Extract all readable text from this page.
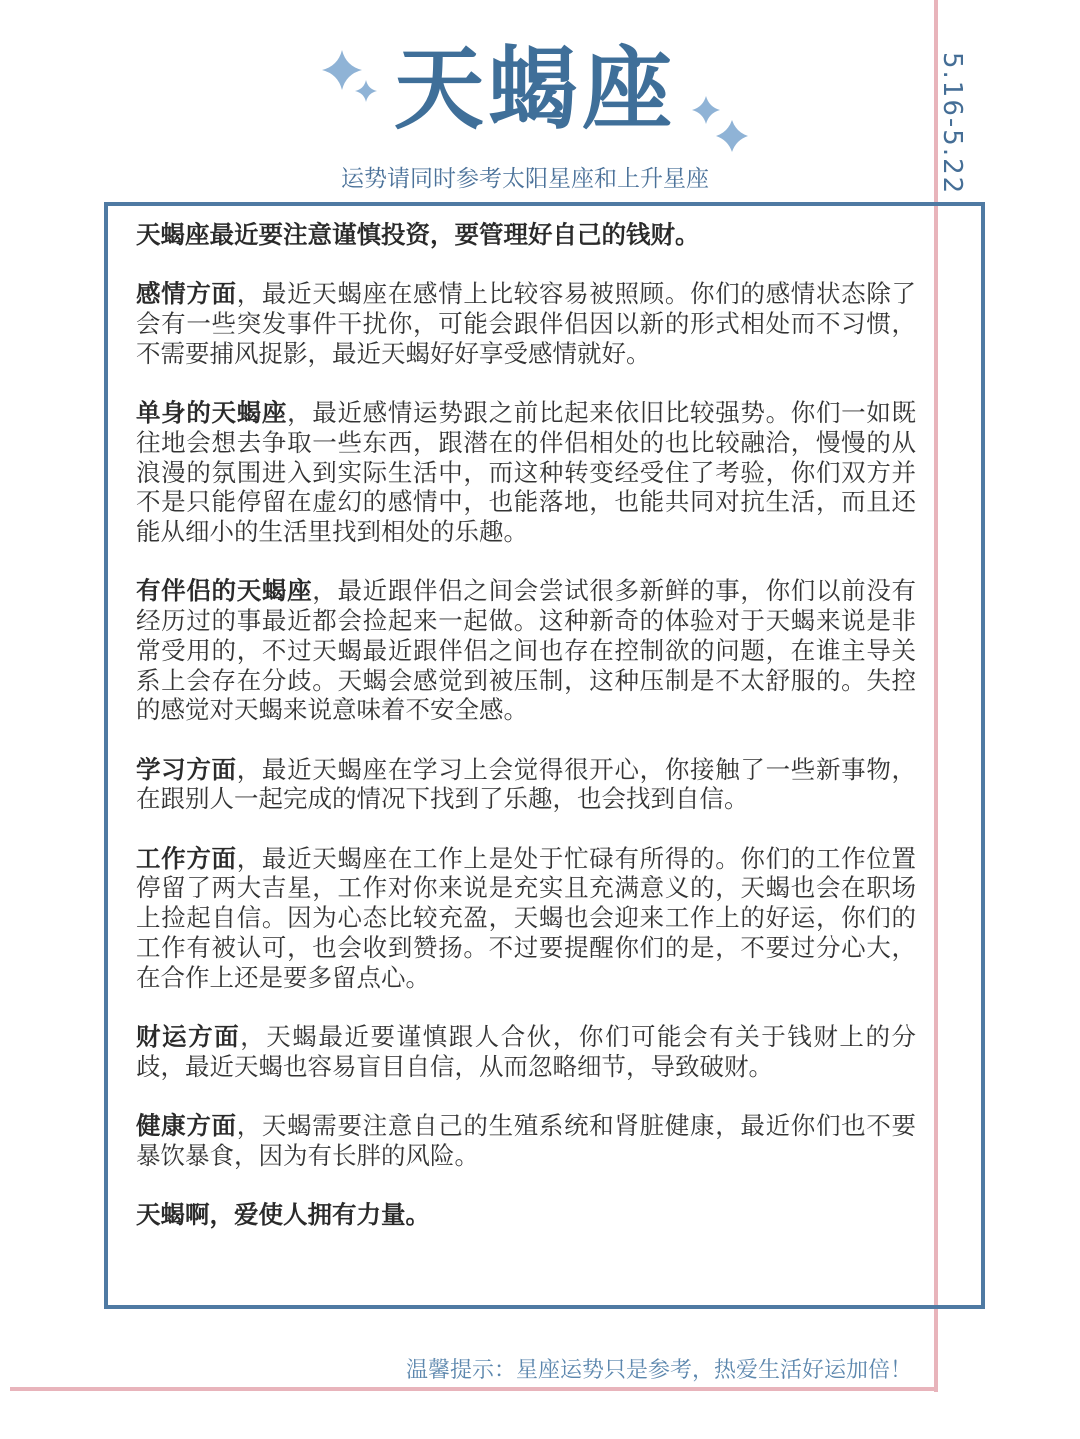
5.16-5.22
天蝎座
运势请同时参考太阳星座和上升星座

天蝎座最近要注意谨慎投资，要管理好自己的钱财。

感情方面，最近天蝎座在感情上比较容易被照顾。你们的感情状态除了会有一些突发事件干扰你，可能会跟伴侣因以新的形式相处而不习惯，不需要捕风捉影，最近天蝎好好享受感情就好。

单身的天蝎座，最近感情运势跟之前比起来依旧比较强势。你们一如既往地会想去争取一些东西，跟潜在的伴侣相处的也比较融洽，慢慢的从浪漫的氛围进入到实际生活中，而这种转变经受住了考验，你们双方并不是只能停留在虚幻的感情中，也能落地，也能共同对抗生活，而且还能从细小的生活里找到相处的乐趣。

有伴侣的天蝎座，最近跟伴侣之间会尝试很多新鲜的事，你们以前没有经历过的事最近都会捡起来一起做。这种新奇的体验对于天蝎来说是非常受用的，不过天蝎最近跟伴侣之间也存在控制欲的问题，在谁主导关系上会存在分歧。天蝎会感觉到被压制，这种压制是不太舒服的。失控的感觉对天蝎来说意味着不安全感。

学习方面，最近天蝎座在学习上会觉得很开心，你接触了一些新事物，在跟别人一起完成的情况下找到了乐趣，也会找到自信。

工作方面，最近天蝎座在工作上是处于忙碌有所得的。你们的工作位置停留了两大吉星，工作对你来说是充实且充满意义的，天蝎也会在职场上捡起自信。因为心态比较充盈，天蝎也会迎来工作上的好运，你们的工作有被认可，也会收到赞扬。不过要提醒你们的是，不要过分心大，在合作上还是要多留点心。

财运方面，天蝎最近要谨慎跟人合伙，你们可能会有关于钱财上的分歧，最近天蝎也容易盲目自信，从而忽略细节，导致破财。

健康方面，天蝎需要注意自己的生殖系统和肾脏健康，最近你们也不要暴饮暴食，因为有长胖的风险。

天蝎啊，爱使人拥有力量。

温馨提示：星座运势只是参考，热爱生活好运加倍！
